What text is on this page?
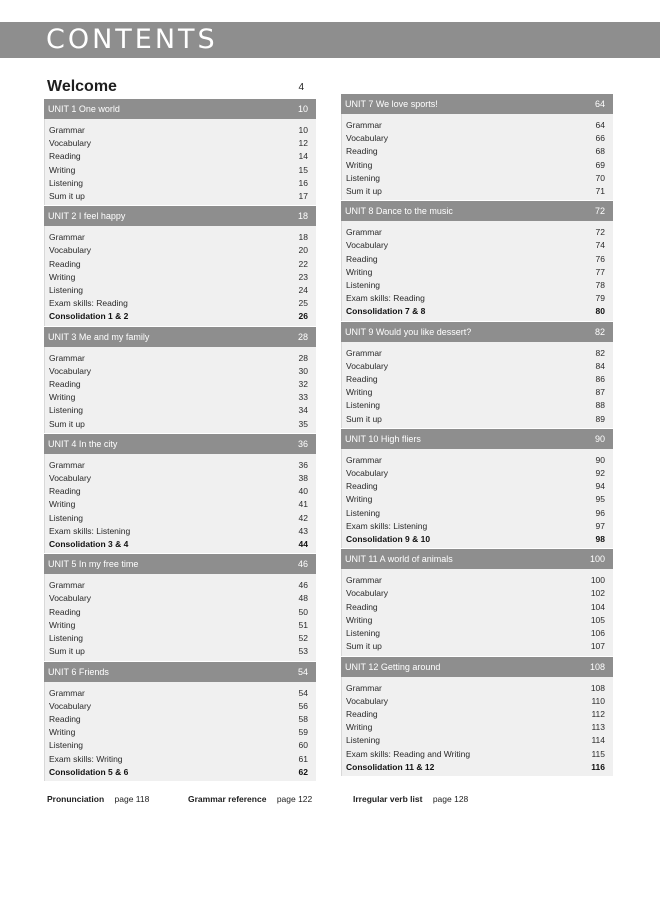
CONTENTS
Welcome	4
UNIT 1 One world	10
Grammar	10
Vocabulary	12
Reading	14
Writing	15
Listening	16
Sum it up	17
UNIT 2 I feel happy	18
Grammar	18
Vocabulary	20
Reading	22
Writing	23
Listening	24
Exam skills: Reading	25
Consolidation 1 & 2	26
UNIT 3 Me and my family	28
Grammar	28
Vocabulary	30
Reading	32
Writing	33
Listening	34
Sum it up	35
UNIT 4 In the city	36
Grammar	36
Vocabulary	38
Reading	40
Writing	41
Listening	42
Exam skills: Listening	43
Consolidation 3 & 4	44
UNIT 5 In my free time	46
Grammar	46
Vocabulary	48
Reading	50
Writing	51
Listening	52
Sum it up	53
UNIT 6 Friends	54
Grammar	54
Vocabulary	56
Reading	58
Writing	59
Listening	60
Exam skills: Writing	61
Consolidation 5 & 6	62
UNIT 7 We love sports!	64
Grammar	64
Vocabulary	66
Reading	68
Writing	69
Listening	70
Sum it up	71
UNIT 8 Dance to the music	72
Grammar	72
Vocabulary	74
Reading	76
Writing	77
Listening	78
Exam skills: Reading	79
Consolidation 7 & 8	80
UNIT 9 Would you like dessert?	82
Grammar	82
Vocabulary	84
Reading	86
Writing	87
Listening	88
Sum it up	89
UNIT 10 High fliers	90
Grammar	90
Vocabulary	92
Reading	94
Writing	95
Listening	96
Exam skills: Listening	97
Consolidation 9 & 10	98
UNIT 11 A world of animals	100
Grammar	100
Vocabulary	102
Reading	104
Writing	105
Listening	106
Sum it up	107
UNIT 12 Getting around	108
Grammar	108
Vocabulary	110
Reading	112
Writing	113
Listening	114
Exam skills: Reading and Writing	115
Consolidation 11 & 12	116
Pronunciation page 118	Grammar reference page 122	Irregular verb list page 128
